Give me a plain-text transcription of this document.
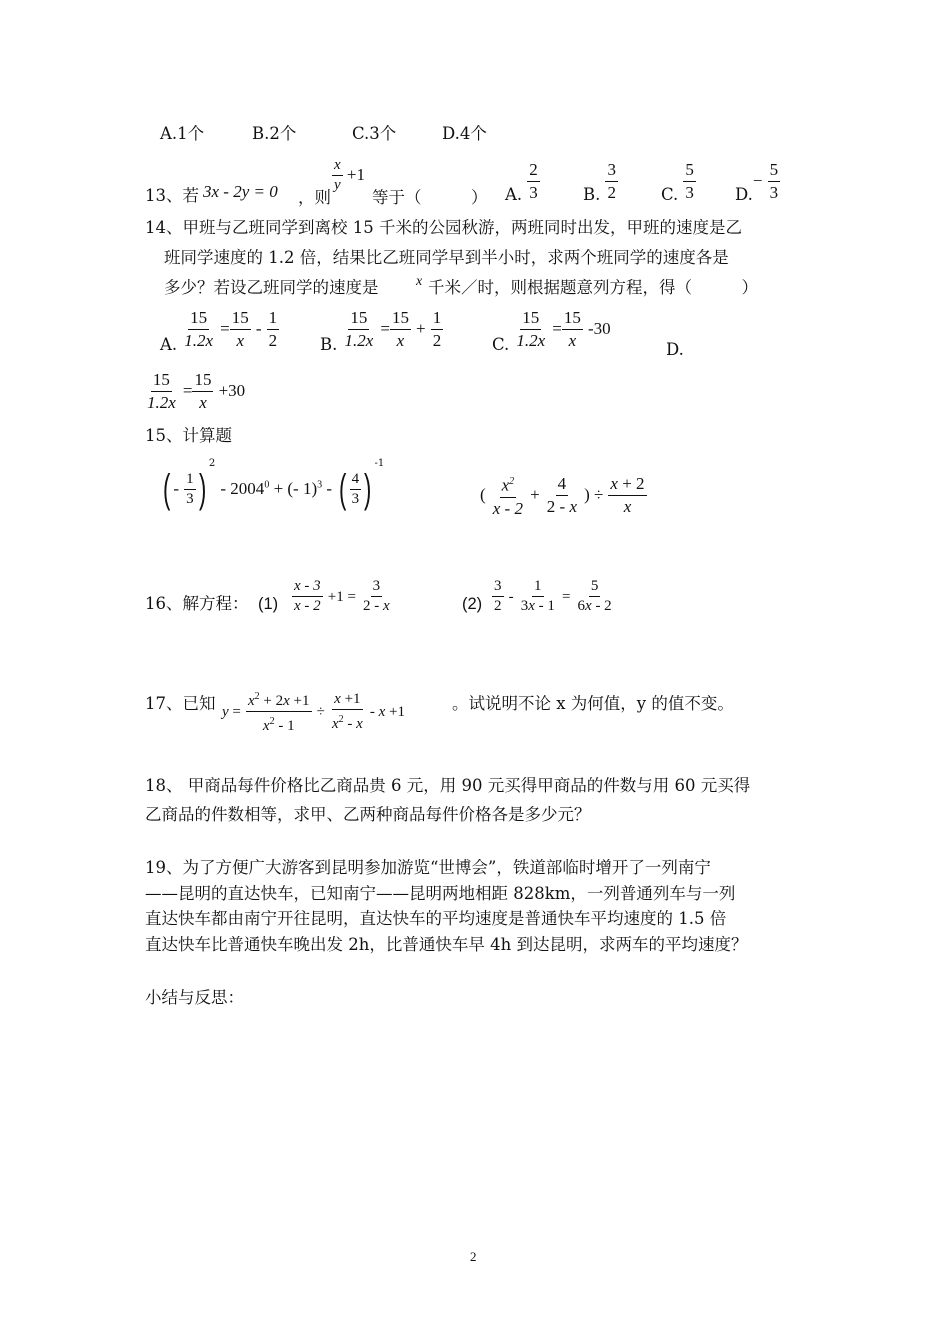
A.1个	B.2个	C.3个	D.4个
13、若 3x - 2y = 0 ，则
$\frac{x}{y} +1$
等于（　　　） A. $\frac{2}{3}$	B. $\frac{3}{2}$	C. $\frac{5}{3} D.- \frac{5}{3}$
14、甲班与乙班同学到离校 15 千米的公园秋游，两班同时出发，甲班的速度是乙
班同学速度的 1.2 倍，结果比乙班同学早到半小时，求两个班同学的速度各是
多少？若设乙班同学的速度是	x 千米／时，则根据题意列方程，得（　　　）
A. $\frac{15}{1.2x} = \frac{15}{x} - \frac{1}{2} B$. $\frac{15}{1.2x} = \frac{15}{x} + \frac{1}{2}$	C. $\frac{15}{1.2x} = \frac{15}{x} -30$
D.
$\frac{15}{1.2x} = \frac{15}{x} +30$
15、计算题
( - $\frac{1}{3} )^2 - 2004^0$ + (- 1)$^3$ - ( $\frac{4}{3} )^{-1}$
( $\frac{x^2}{x - 2} + \frac{4}{2 - x}$ ) ÷ $\frac{x + 2}{x}$
16、解方程： $(1) \frac{x - 3}{x - 2} +1 = \frac{3}{2 - x}$	$(2) \frac{3}{2} - \frac{1}{3x - 1} = \frac{5}{6x - 2}$
17、已知 $y = \frac{x^2 + 2x +1}{x^2 - 1} \div \frac{x +1}{x^2 - x} - x +1$	。试说明不论 x 为何值，y 的值不变。
18、 甲商品每件价格比乙商品贵 6 元，用 90 元买得甲商品的件数与用 60 元买得
乙商品的件数相等，求甲、乙两种商品每件价格各是多少元？
19、为了方便广大游客到昆明参加游览“世博会”，铁道部临时增开了一列南宁
——昆明的直达快车，已知南宁——昆明两地相距 828km，一列普通列车与一列
直达快车都由南宁开往昆明，直达快车的平均速度是普通快车平均速度的 1.5 倍
直达快车比普通快车晚出发 2h，比普通快车早 4h 到达昆明，求两车的平均速度？
小结与反思：
2
